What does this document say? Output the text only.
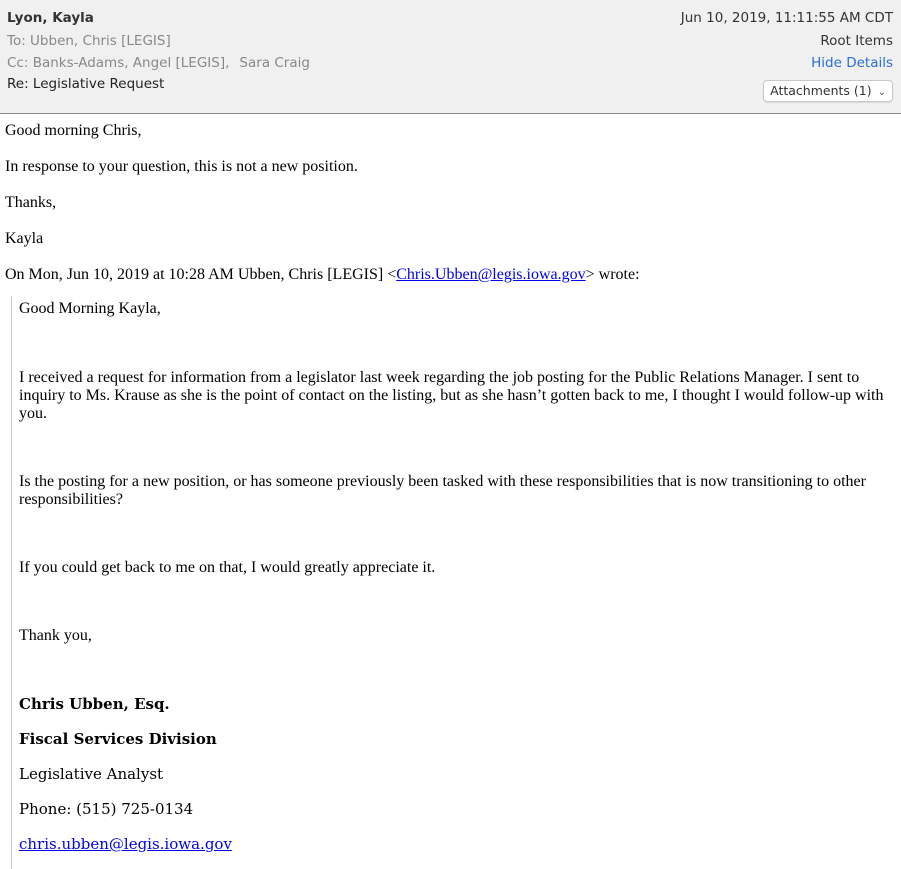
Lyon, Kayla
To: Ubben, Chris [LEGIS]
Cc: Banks-Adams, Angel [LEGIS], Sara Craig
Re: Legislative Request
Jun 10, 2019, 11:11:55 AM CDT
Root Items
Hide Details
Attachments (1) ⌄
Good morning Chris,
In response to your question, this is not a new position.
Thanks,
Kayla
On Mon, Jun 10, 2019 at 10:28 AM Ubben, Chris [LEGIS] <Chris.Ubben@legis.iowa.gov> wrote:
Good Morning Kayla,
I received a request for information from a legislator last week regarding the job posting for the Public Relations Manager. I sent to inquiry to Ms. Krause as she is the point of contact on the listing, but as she hasn’t gotten back to me, I thought I would follow-up with you.
Is the posting for a new position, or has someone previously been tasked with these responsibilities that is now transitioning to other responsibilities?
If you could get back to me on that, I would greatly appreciate it.
Thank you,
Chris Ubben, Esq.
Fiscal Services Division
Legislative Analyst
Phone: (515) 725-0134
chris.ubben@legis.iowa.gov
